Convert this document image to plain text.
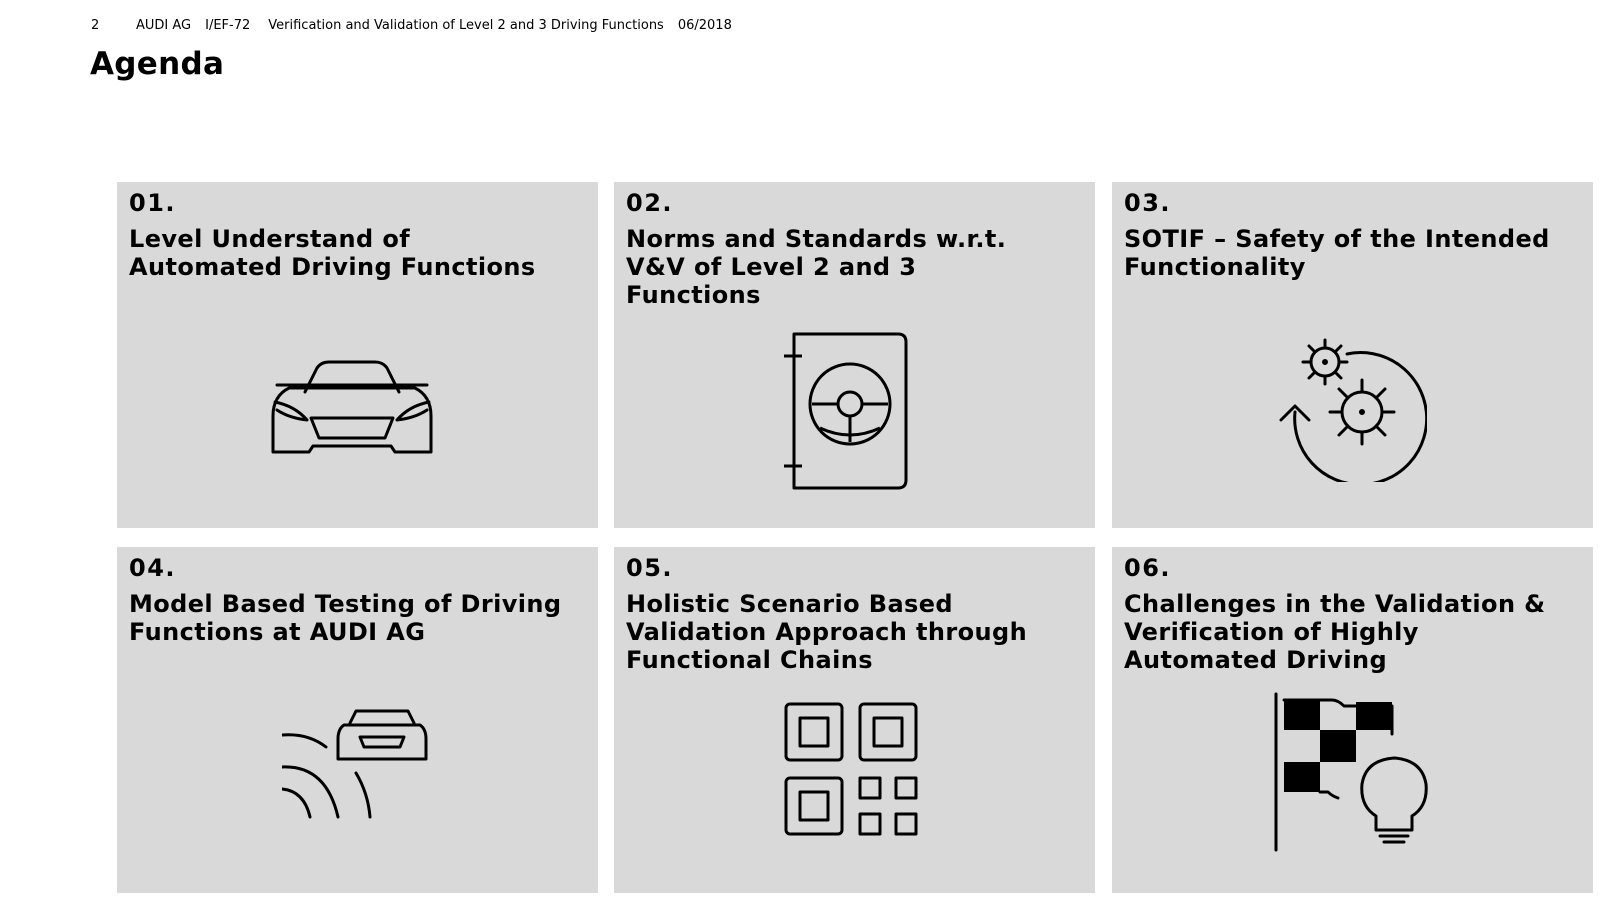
2	AUDI AG I/EF-72 Verification and Validation of Level 2 and 3 Driving Functions 06/2018
Agenda
01.
Level Understand of
Automated Driving Functions
02.
Norms and Standards w.r.t.
V&V of Level 2 and 3
Functions
03.
SOTIF – Safety of the Intended
Functionality
04.
Model Based Testing of Driving
Functions at AUDI AG
05.
Holistic Scenario Based
Validation Approach through
Functional Chains
06.
Challenges in the Validation &
Verification of Highly
Automated Driving
